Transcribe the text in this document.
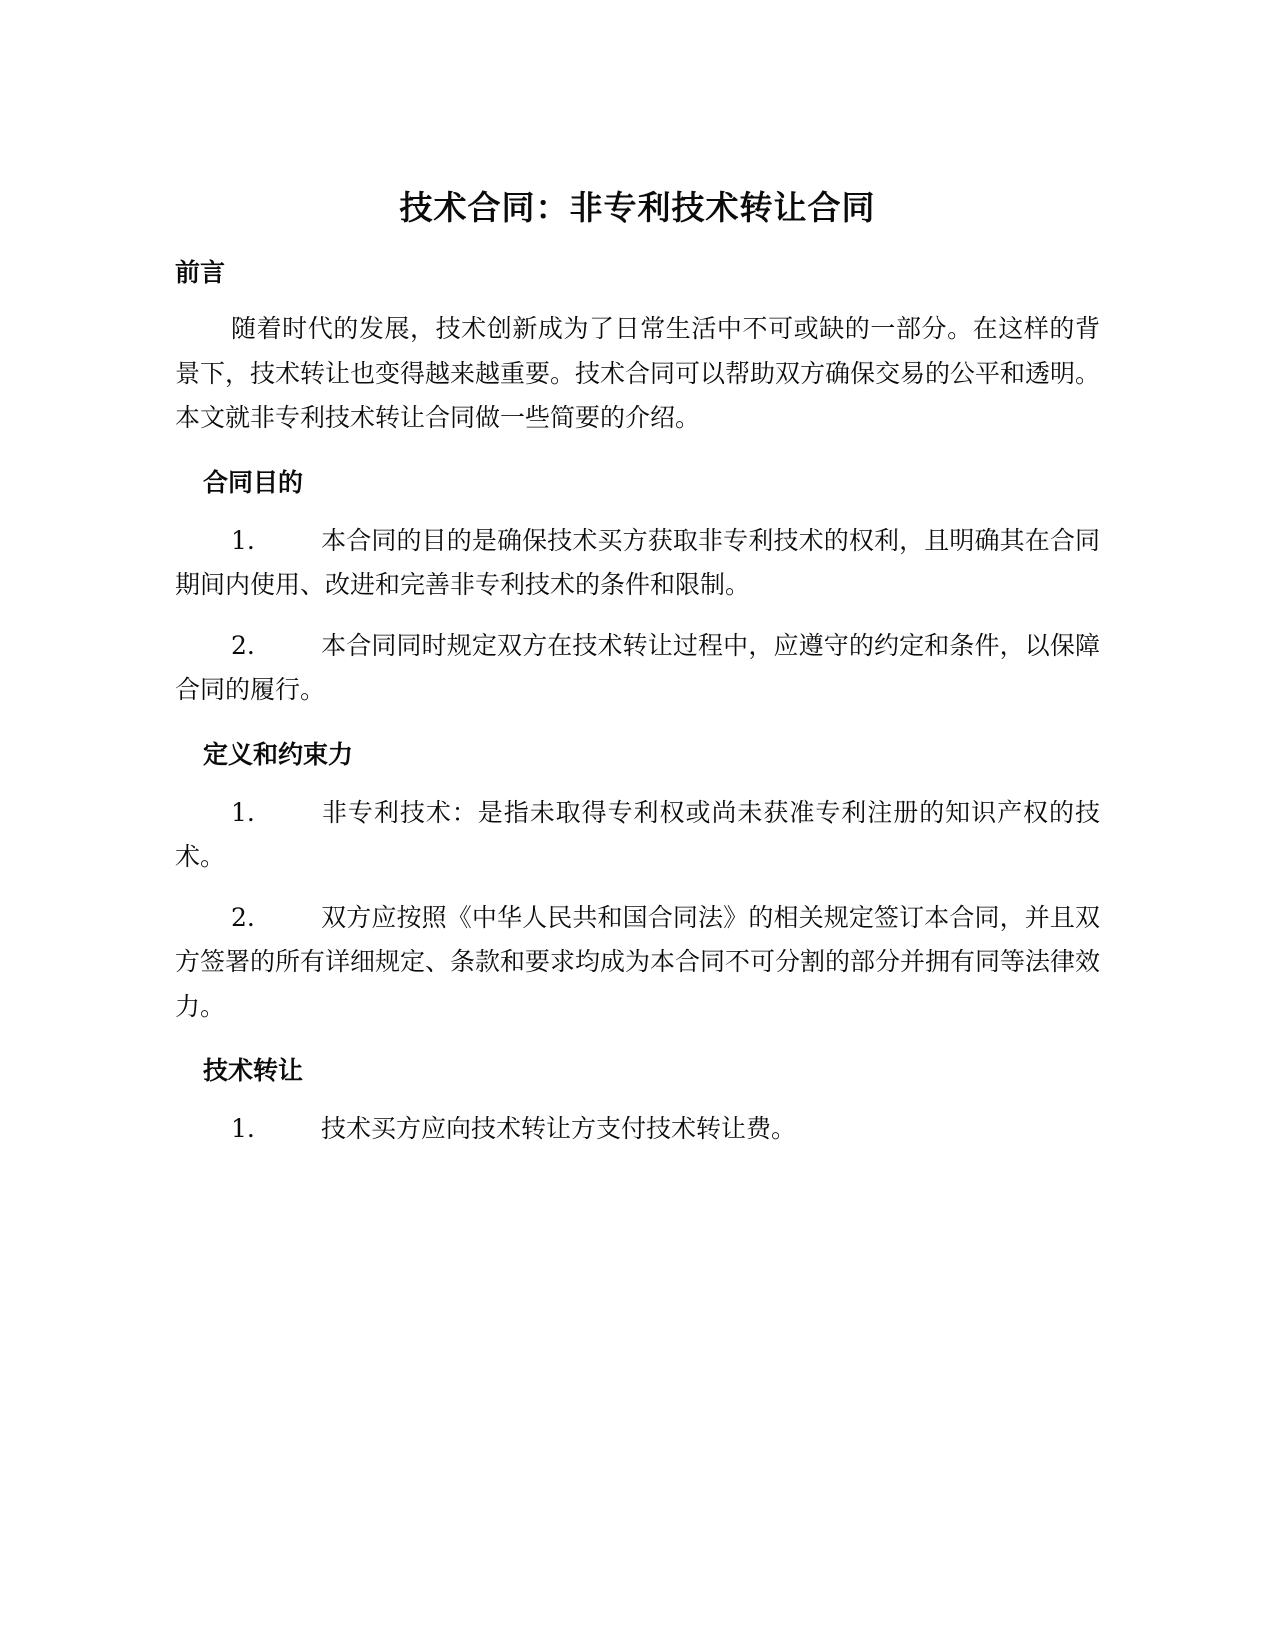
技术合同：非专利技术转让合同
前言

随着时代的发展，技术创新成为了日常生活中不可或缺的一部分。在这样的背景下，技术转让也变得越来越重要。技术合同可以帮助双方确保交易的公平和透明。本文就非专利技术转让合同做一些简要的介绍。

合同目的

1.	本合同的目的是确保技术买方获取非专利技术的权利，且明确其在合同期间内使用、改进和完善非专利技术的条件和限制。

2.	本合同同时规定双方在技术转让过程中，应遵守的约定和条件，以保障合同的履行。

定义和约束力

1.	非专利技术：是指未取得专利权或尚未获准专利注册的知识产权的技术。

2.	双方应按照《中华人民共和国合同法》的相关规定签订本合同，并且双方签署的所有详细规定、条款和要求均成为本合同不可分割的部分并拥有同等法律效力。

技术转让

1.	技术买方应向技术转让方支付技术转让费。
